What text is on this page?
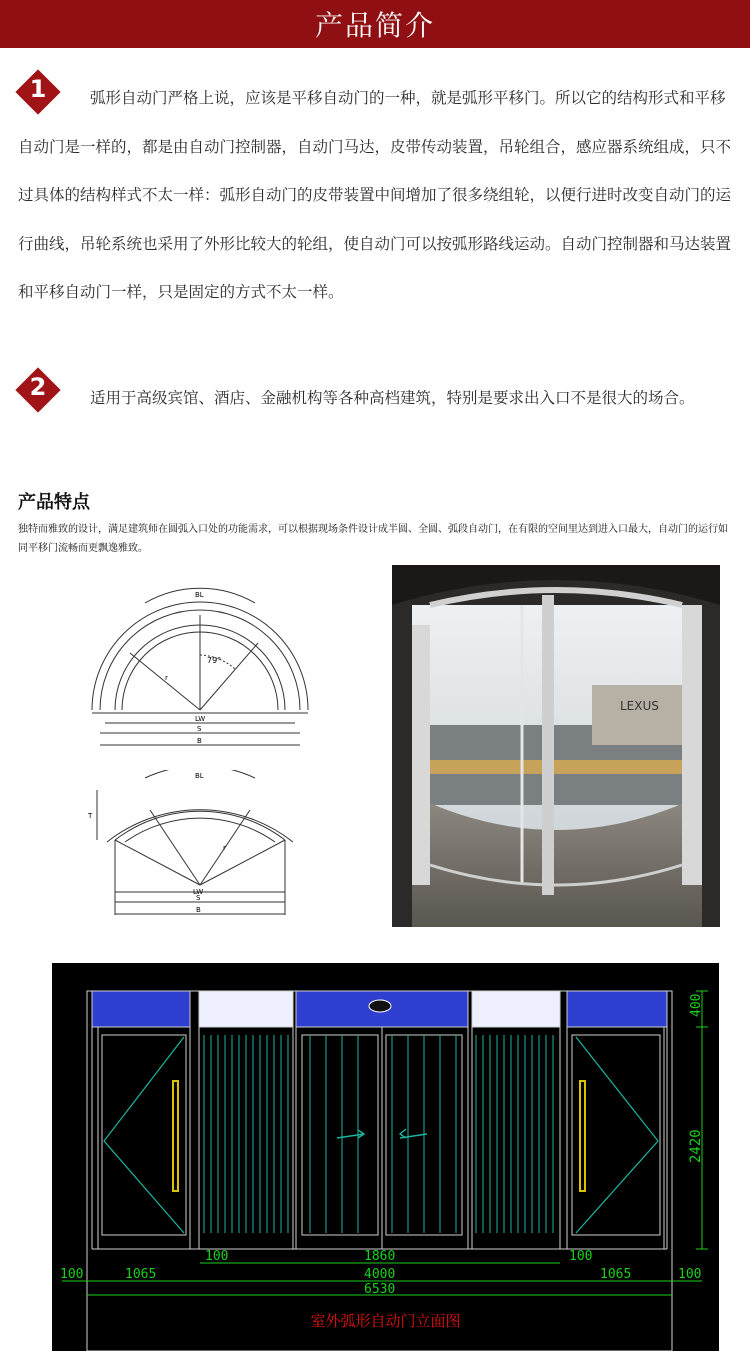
产品简介
1	弧形自动门严格上说，应该是平移自动门的一种，就是弧形平移门。所以它的结构形式和平移自动门是一样的，都是由自动门控制器，自动门马达，皮带传动装置，吊轮组合，感应器系统组成，只不过具体的结构样式不太一样：弧形自动门的皮带装置中间增加了很多绕组轮，以便行进时改变自动门的运行曲线，吊轮系统也采用了外形比较大的轮组，使自动门可以按弧形路线运动。自动门控制器和马达装置和平移自动门一样，只是固定的方式不太一样。
2	适用于高级宾馆、酒店、金融机构等各种高档建筑，特别是要求出入口不是很大的场合。
产品特点
独特而雅致的设计，满足建筑师在圆弧入口处的功能需求，可以根据现场条件设计成半圆、全圆、弧段自动门，在有限的空间里达到进入口最大，自动门的运行如同平移门流畅而更飘逸雅致。
BL
79°
r
LW
S
B
BL
T
r
LW
S
B
LEXUS
400
2420
100	1860	100
100	1065	4000	1065	100
6530
室外弧形自动门立面图
